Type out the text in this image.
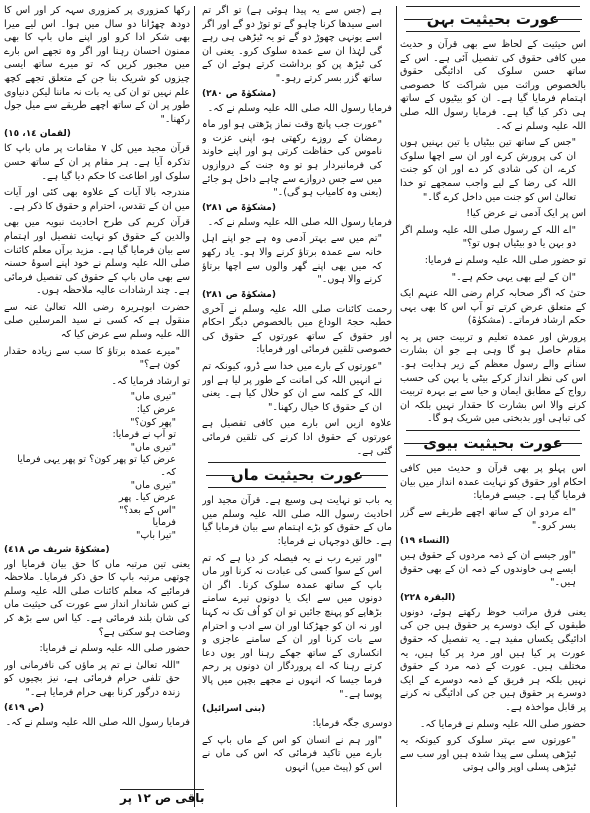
عورت بحیثیت بہن

اس حیثیت کے لحاظ سے بھی قرآن و حدیث میں کافی حقوق کی تفصیل آئی ہے۔ اس کے ساتھ حسن سلوک کی ادائیگی حقوق بالخصوص وراثت میں شراکت کا خصوصی اہتمام فرمایا گیا ہے۔ ان کو بیٹیوں کے ساتھ ہی ذکر کیا گیا ہے۔ فرمایا رسول اللہ صلی اللہ علیہ وسلم نے کہ۔

"جس کے ساتھ تین بیٹیاں یا تین بہنیں ہوں ان کی پرورش کرے اور ان سے اچھا سلوک کرے، ان کی شادی کر دے اور ان کو جنت اللہ کی رضا کے لیے واجب سمجھے تو خدا تعالیٰ اس کو جنت میں داخل کرے گا۔"

اس پر ایک آدمی نے عرض کیا!

"اے اللہ کے رسول صلی اللہ علیہ وسلم اگر دو بہن یا دو بیٹیاں ہوں تو؟"

تو حضور صلی اللہ علیہ وسلم نے فرمایا:

"ان کے لیے بھی یہی حکم ہے۔"

حتیٰ کہ اگر صحابہ کرام رضی اللہ عنہم ایک کے متعلق عرض کرتے تو آپ اس کا بھی یہی حکم ارشاد فرماتے۔ (مشکوٰۃ)

پرورش اور عمدہ تعلیم و تربیت جس پر یہ مقام حاصل ہو گا وہی ہے جو ان بشارت سنانے والے رسول معظم کے زیر ہدایت ہو۔ اس کی نظر انداز کرکے بیٹی یا بہن کی حسب رواج کے مطابق ایمان و حیا سے بے بہرہ تربیت کرنے والا اس بشارت کا حقدار نہیں بلکہ ان کی تباہی اور بدبختی میں شریک ہو گا۔

عورت بحیثیت بیوی

اس پہلو پر بھی قرآن و حدیث میں کافی احکام اور حقوق کو نہایت عمدہ انداز میں بیان فرمایا گیا ہے۔ جیسے فرمایا:

"اے مردو ان کے ساتھ اچھے طریقے سے گزر بسر کرو۔"

(النساء ١٩)

"اور جیسے ان کے ذمہ مردوں کے حقوق ہیں ایسے ہی خاوندوں کے ذمہ ان کے بھی حقوق ہیں۔"

(البقرہ ٢٢٨)

یعنی فرق مراتب خوظ رکھتے ہوئے، دونوں طبقوں کے ایک دوسرے پر حقوق ہیں جن کی ادائیگی یکساں مفید ہے۔ یہ تفصیل کہ حقوق عورت پر کیا ہیں اور مرد پر کیا ہیں، یہ مختلف ہیں۔ عورت کے ذمہ مرد کے حقوق نہیں بلکہ ہر فریق کے ذمہ دوسرے کے ایک دوسرے پر حقوق ہیں جن کی ادائیگی نہ کرنے پر قابل مواخذہ ہے۔

حضور صلی اللہ علیہ وسلم نے فرمایا کہ۔

"عورتوں سے بہتر سلوک کرو کیونکہ یہ ٹیڑھی پسلی سے پیدا شدہ ہیں اور سب سے ٹیڑھی پسلی اوپر والی ہوتی

ہے (جس سے یہ پیدا ہوئی ہے) تو اگر تم اسے سیدھا کرنا چاہو گے تو توڑ دو گے اور اگر اسے یونہی چھوڑ دو گے تو یہ ٹیڑھی ہی رہے گی لہٰذا ان سے عمدہ سلوک کرو۔ یعنی ان کی ٹیڑھ پن کو برداشت کرتے ہوئے ان کے ساتھ گزر بسر کرتے رہو۔"

(مشکوٰۃ ص ٢٨٠)

فرمایا رسول اللہ صلی اللہ علیہ وسلم نے کہ۔

"عورت جب پانچ وقت نماز پڑھتی ہو اور ماہ رمضان کے روزے رکھتی ہو، اپنی عزت و ناموس کی حفاظت کرتی ہو اور اپنے خاوند کی فرمانبردار ہو تو وہ جنت کے دروازوں میں سے جس دروازے سے چاہے داخل ہو جائے (یعنی وہ کامیاب ہو گی)۔"

(مشکوٰۃ ص ٢٨١)

فرمایا رسول اللہ صلی اللہ علیہ وسلم نے کہ۔

"تم میں سے بہتر آدمی وہ ہے جو اپنے اہل خانہ سے عمدہ برتاؤ کرنے والا ہو۔ یاد رکھو کہ میں بھی اپنے گھر والوں سے اچھا برتاؤ کرنے والا ہوں۔"

(مشکوٰۃ ص ٢٨١)

رحمت کائنات صلی اللہ علیہ وسلم نے آخری خطبہ حجۃ الوداع میں بالخصوص دیگر احکام اور حقوق کے ساتھ عورتوں کے حقوق کی خصوصی تلقین فرمائی اور فرمایا:

"عورتوں کے بارے میں خدا سے ڈرو، کیونکہ تم نے انہیں اللہ کی امانت کے طور پر لیا ہے اور اللہ کے کلمہ سے ان کو حلال کیا ہے۔ یعنی ان کے حقوق کا خیال رکھنا۔"

علاوہ ازیں اس بارے میں کافی تفصیل ہے عورتوں کے حقوق ادا کرنے کی تلقین فرمائی گئی ہے۔

عورت بحیثیت ماں

یہ باب تو نہایت ہی وسیع ہے۔ قرآن مجید اور احادیث رسول اللہ صلی اللہ علیہ وسلم میں ماں کے حقوق کو بڑے اہتمام سے بیان فرمایا گیا ہے۔ خالق دوجہاں نے فرمایا:

"اور تیرے رب نے یہ فیصلہ کر دیا ہے کہ تم اس کے سوا کسی کی عبادت نہ کرنا اور ماں باپ کے ساتھ عمدہ سلوک کرنا۔ اگر ان دونوں میں سے ایک یا دونوں تیرے سامنے بڑھاپے کو پہنچ جائیں تو ان کو اُف تک نہ کہنا اور نہ ان کو جھڑکنا اور ان سے ادب و احترام سے بات کرنا اور ان کے سامنے عاجزی و انکساری کے ساتھ جھکے رہنا اور یوں دعا کرتے رہنا کہ اے پروردگار ان دونوں پر رحم فرما جیسا کہ انہوں نے مجھے بچپن میں پالا پوسا ہے۔"

(بنی اسرائیل)

دوسری جگہ فرمایا:

"اور ہم نے انسان کو اس کے ماں باپ کے بارے میں تاکید فرمائی کہ اس کی ماں نے اس کو (پیٹ میں) انہوں

رکھا کمزوری پر کمزوری سہہ کر اور اس کا دودھ چھڑانا دو سال میں ہوا۔ اس لیے میرا بھی شکر ادا کرو اور اپنے ماں باپ کا بھی ممنون احسان رہنا اور اگر وہ تجھے اس بارے میں مجبور کریں کہ تو میرے ساتھ ایسی چیزوں کو شریک بنا جن کے متعلق تجھے کچھ علم نہیں تو ان کی یہ بات نہ ماننا لیکن دنیاوی طور پر ان کے ساتھ اچھے طریقے سے میل جول رکھنا۔"

(لقمان ١٤، ١٥)

قرآن مجید میں کل ۷ مقامات پر ماں باپ کا تذکرہ آیا ہے۔ ہر مقام پر ان کے ساتھ حسن سلوک اور اطاعت کا حکم دیا گیا ہے۔

مندرجہ بالا آیات کے علاوہ بھی کئی اور آیات میں ان کے تقدس، احترام و حقوق کا ذکر ہے۔

قرآن کریم کی طرح احادیث نبویہ میں بھی والدین کے حقوق کو نہایت تفصیل اور اہتمام سے بیان فرمایا گیا ہے۔ مزید برآں معلم کائنات صلی اللہ علیہ وسلم نے خود اپنے اسوۂ حسنہ سے بھی ماں باپ کے حقوق کی تفصیل فرمائی ہے۔ چند ارشادات عالیہ ملاحظہ ہوں۔

حضرت ابوہریرہ رضی اللہ تعالیٰ عنہ سے منقول ہے کہ کسی نے سید المرسلین صلی اللہ علیہ وسلم سے عرض کیا کہ

"میرے عمدہ برتاؤ کا سب سے زیادہ حقدار کون ہے؟"

تو ارشاد فرمایا کہ۔

"تیری ماں"
عرض کیا:
"پھر کون؟"
تو آپ نے فرمایا:
"تیری ماں"
عرض کیا تو پھر کون؟ تو پھر یہی فرمایا کہ۔
"تیری ماں"
عرض کیا۔ پھر
"اس کے بعد؟"
فرمایا
"تیرا باپ"
(مشکوٰۃ شریف ص ٤١٨)

یعنی تین مرتبہ ماں کا حق بیان فرمایا اور چوتھی مرتبہ باپ کا حق ذکر فرمایا۔ ملاحظہ فرمائیے کہ معلم کائنات صلی اللہ علیہ وسلم نے کس شاندار انداز سے عورت کی حیثیت ماں کی شان بلند فرمائی ہے۔ کیا اس سے بڑھ کر وضاحت ہو سکتی ہے؟

حضور صلی اللہ علیہ وسلم نے فرمایا:

"اللہ تعالیٰ نے تم پر ماؤں کی نافرمانی اور حق تلفی حرام فرمائی ہے، نیز بچیوں کو زندہ درگور کرنا بھی حرام فرمایا ہے۔"

(ص ٤١٩)

فرمایا رسول اللہ صلی اللہ علیہ وسلم نے کہ۔

باقی ص ۱۲ پر
